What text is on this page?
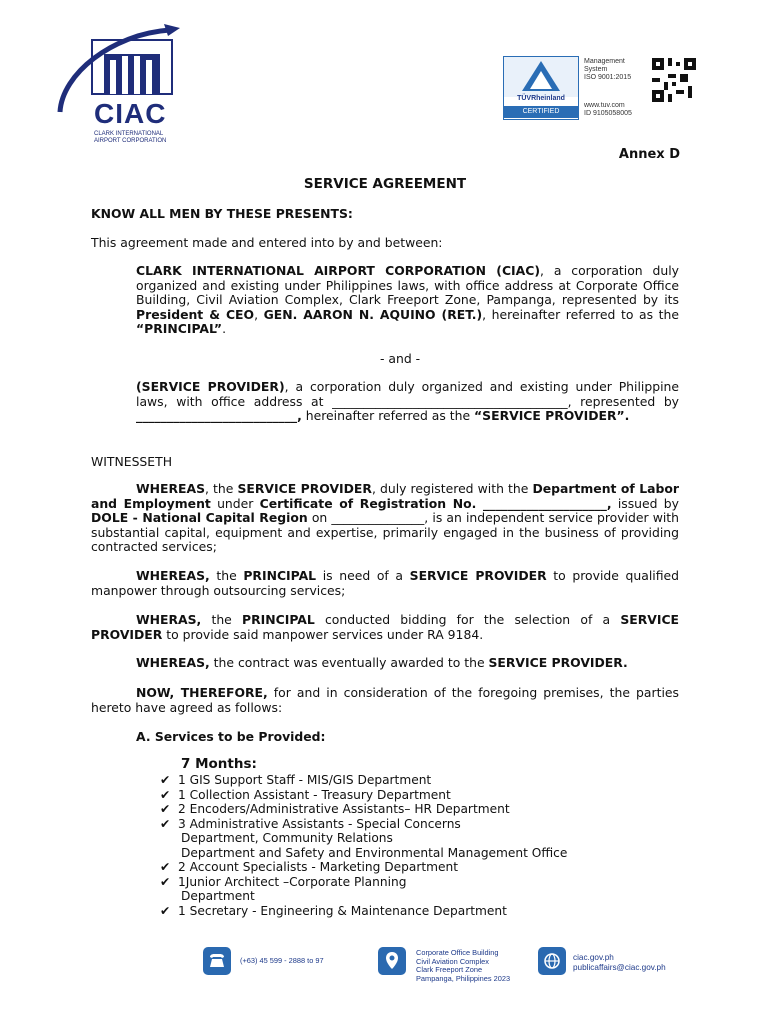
CIAC
CLARK INTERNATIONAL
AIRPORT CORPORATION
TÜVRheinland
CERTIFIED
Management
System
ISO 9001:2015
www.tuv.com
ID 9105058005
Annex D
SERVICE AGREEMENT
KNOW ALL MEN BY THESE PRESENTS:
This agreement made and entered into by and between:
CLARK INTERNATIONAL AIRPORT CORPORATION (CIAC), a corporation duly organized and existing under Philippines laws, with office address at Corporate Office Building, Civil Aviation Complex, Clark Freeport Zone, Pampanga, represented by its President & CEO, GEN. AARON N. AQUINO (RET.), hereinafter referred to as the “PRINCIPAL”.
- and -
(SERVICE PROVIDER), a corporation duly organized and existing under Philippine laws, with office address at ______________________________________, represented by __________________________, hereinafter referred as the “SERVICE PROVIDER”.
WITNESSETH
WHEREAS, the SERVICE PROVIDER, duly registered with the Department of Labor and Employment under Certificate of Registration No. ____________________, issued by DOLE - National Capital Region on _______________, is an independent service provider with substantial capital, equipment and expertise, primarily engaged in the business of providing contracted services;
WHEREAS, the PRINCIPAL is need of a SERVICE PROVIDER to provide qualified manpower through outsourcing services;
WHERAS, the PRINCIPAL conducted bidding for the selection of a SERVICE PROVIDER to provide said manpower services under RA 9184.
WHEREAS, the contract was eventually awarded to the SERVICE PROVIDER.
NOW, THEREFORE, for and in consideration of the foregoing premises, the parties hereto have agreed as follows:
A. Services to be Provided:
7 Months:
✔ 1 GIS Support Staff - MIS/GIS Department
✔ 1 Collection Assistant - Treasury Department
✔ 2 Encoders/Administrative Assistants– HR Department
✔ 3 Administrative Assistants - Special Concerns
Department, Community Relations
Department and Safety and Environmental Management Office
✔ 2 Account Specialists - Marketing Department
✔ 1Junior Architect –Corporate Planning
Department
✔ 1 Secretary - Engineering & Maintenance Department
(+63) 45 599 - 2888 to 97
Corporate Office Building
Civil Aviation Complex
Clark Freeport Zone
Pampanga, Philippines 2023
ciac.gov.ph
publicaffairs@ciac.gov.ph
